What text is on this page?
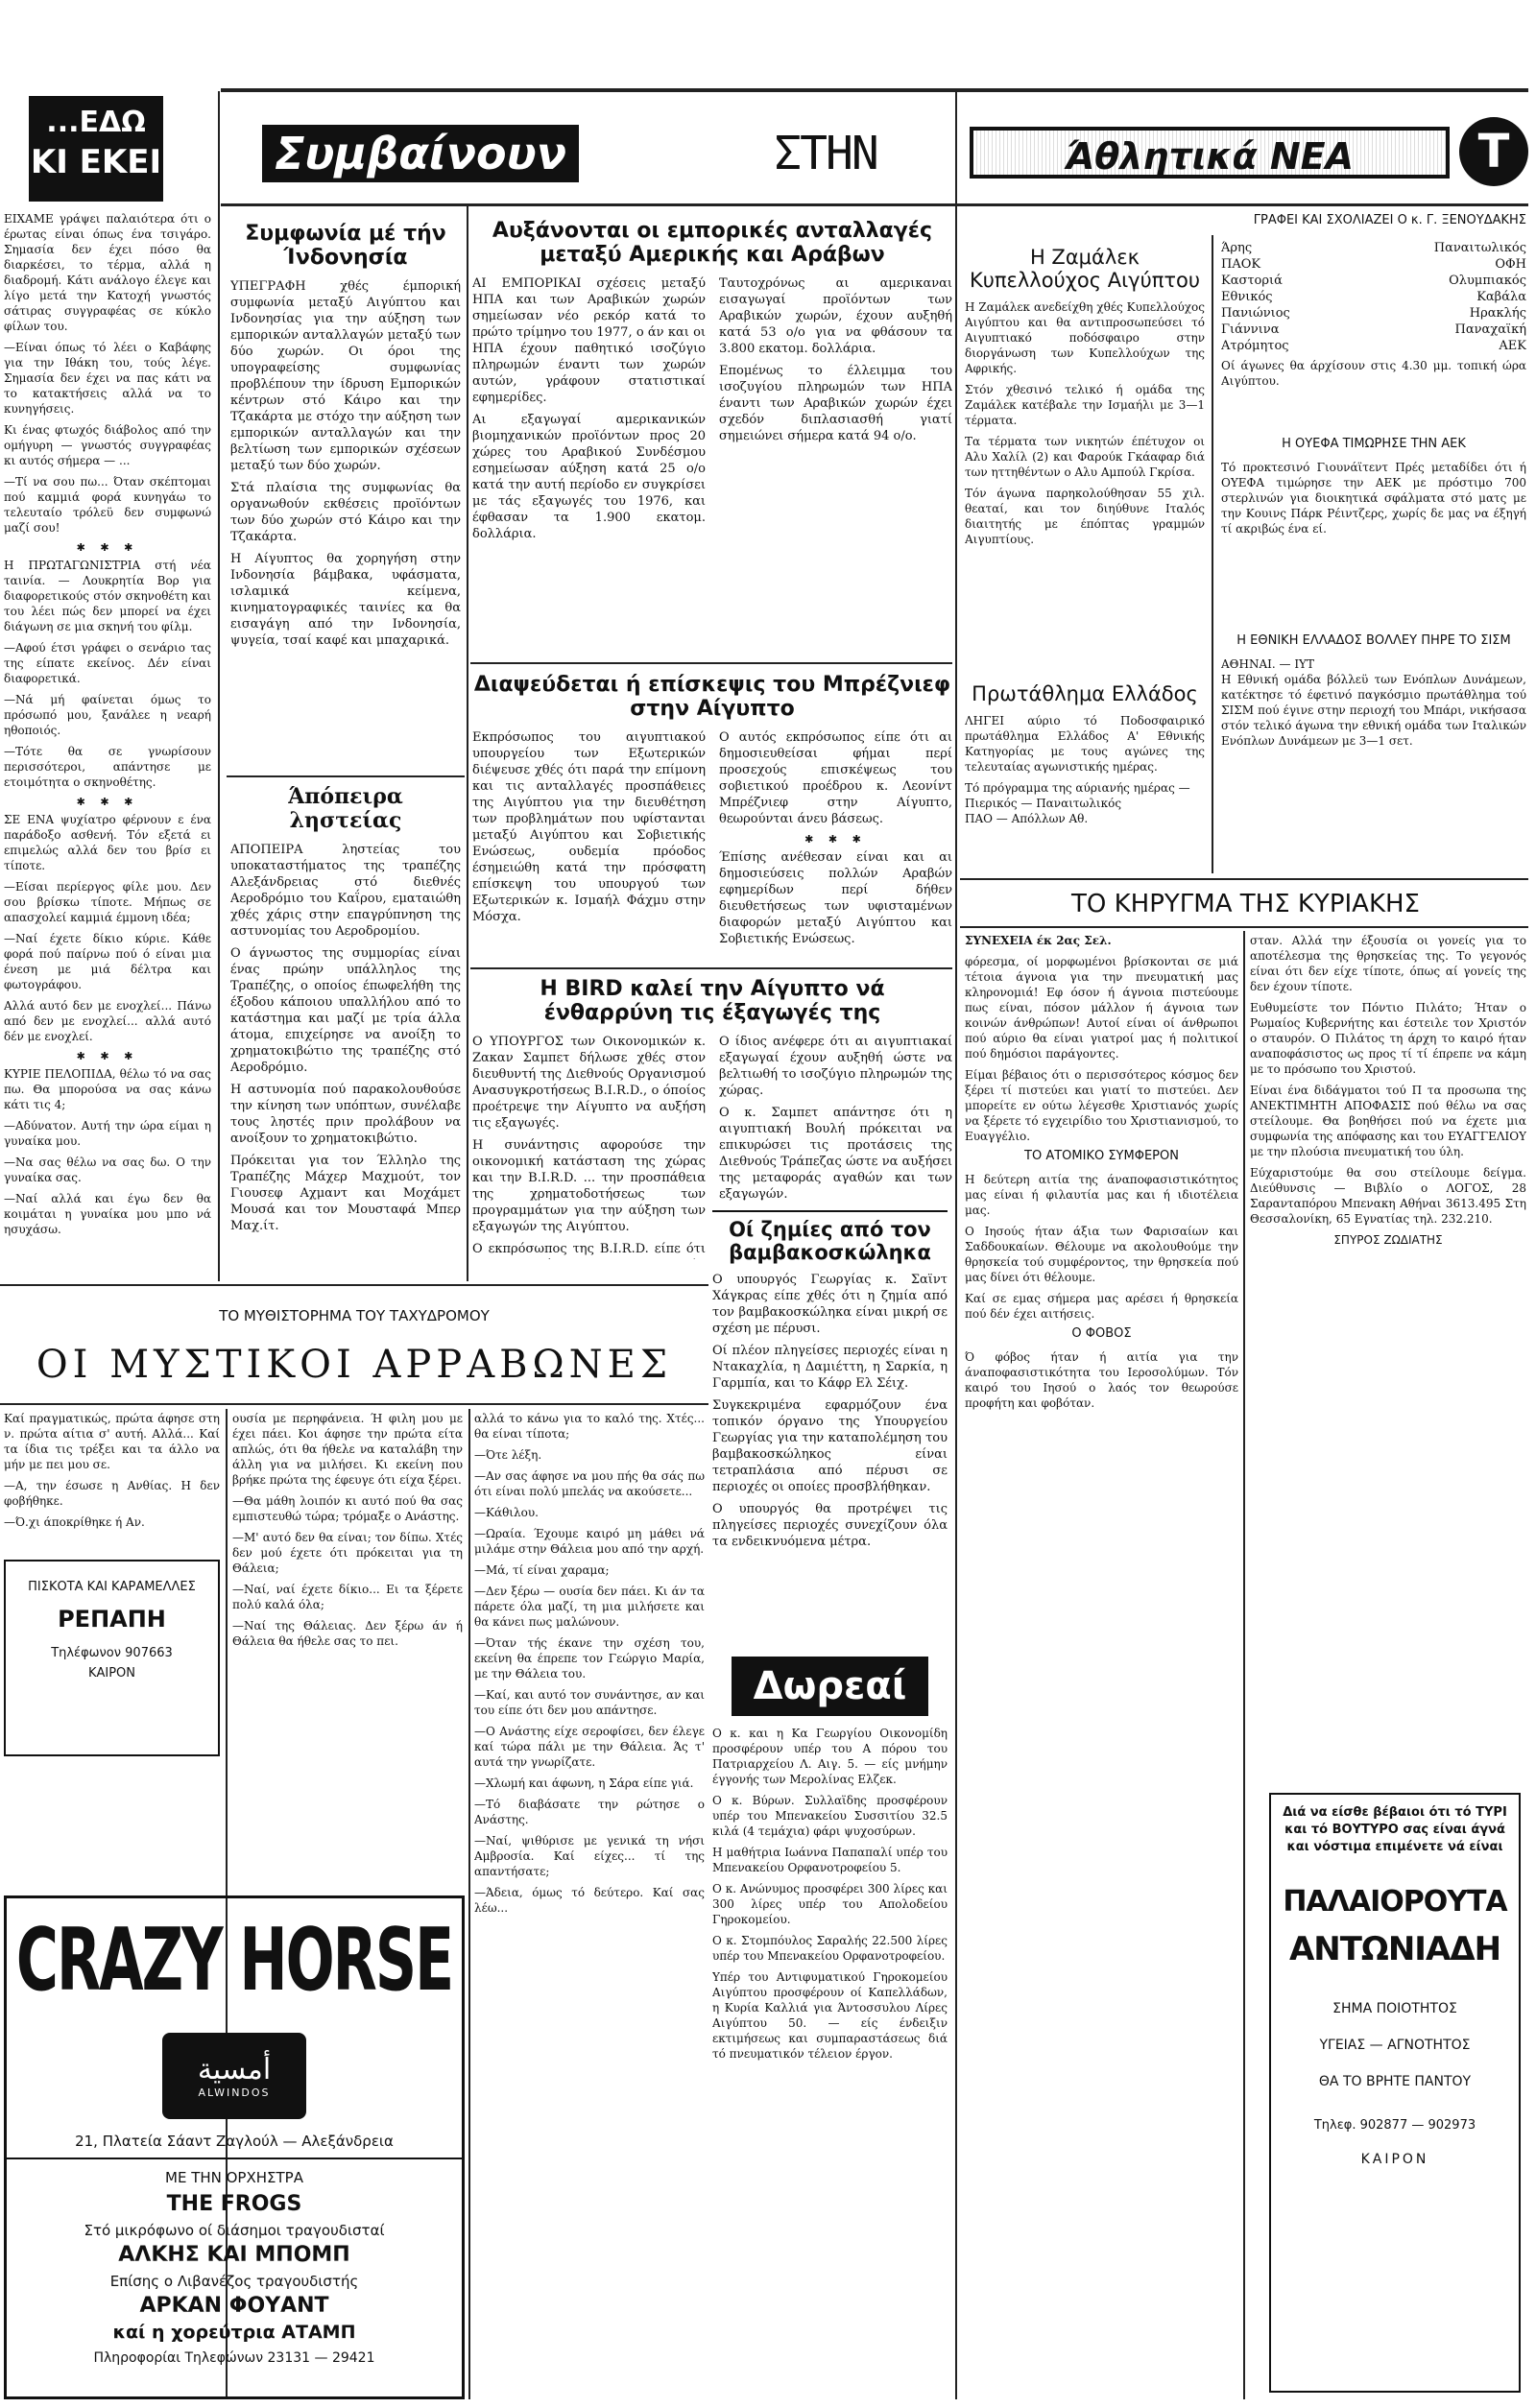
...ΕΔΩ
ΚΙ ΕΚΕΙ

ΕΙΧΑΜΕ γράψει παλαιότερα ότι ο έρωτας είναι όπως ένα τσιγάρο. Σημασία δεν έχει πόσο θα διαρκέσει, το τέρμα, αλλά η διαδρομή. Κάτι ανάλογο έλεγε και λίγο μετά την Κατοχή γνωστός σάτιρας συγγραφέας σε κύκλο φίλων του.

—Είναι όπως τό λέει ο Καβάφης για την Ιθάκη του, τούς λέγε. Σημασία δεν έχει να πας κάτι να το κατακτήσεις αλλά να το κυνηγήσεις.

Κι ένας φτωχός διάβολος από την ομήγυρη — γνωστός συγγραφέας κι αυτός σήμερα — ...

—Τί να σου πω... Όταν σκέπτομαι πού καμμιά φορά κυνηγάω το τελευταίο τρόλεϋ δεν συμφωνώ μαζί σου!

✱ ✱ ✱

Η ΠΡΩΤΑΓΩΝΙΣΤΡΙΑ στή νέα ταινία. — Λουκρητία Βορ για διαφορετικούς στόν σκηνοθέτη και του λέει πώς δεν μπορεί να έχει διάγωνη σε μια σκηνή του φίλμ.

—Αφού έτσι γράφει ο σενάριο τας της είπατε εκείνος. Δέν είναι διαφορετικά.

—Νά μή φαίνεται όμως το πρόσωπό μου, ξανάλεε η νεαρή ηθοποιός.

—Τότε θα σε γνωρίσουν περισσότεροι, απάντησε με ετοιμότητα ο σκηνοθέτης.

✱ ✱ ✱

ΣΕ ΕΝΑ ψυχίατρο φέρνουν ε ένα παράδοξο ασθενή. Τόν εξετά ει επιμελώς αλλά δεν του βρίσ ει τίποτε.

—Είσαι περίεργος φίλε μου. Δεν σου βρίσκω τίποτε. Μήπως σε απασχολεί καμμιά έμμονη ιδέα;

—Ναί έχετε δίκιο κύριε. Κάθε φορά πού παίρνω πού ό είναι μια ένεση με μιά δέλτρα και φωτογράφου.

Αλλά αυτό δεν με ενοχλεί... Πάνω από δεν με ενοχλεί... αλλά αυτό δέν με ενοχλεί.

✱ ✱ ✱

ΚΥΡΙΕ ΠΕΛΟΠΙΔΑ, θέλω τό να σας πω. Θα μπορούσα να σας κάνω κάτι τις 4;

—Αδύνατον. Αυτή την ώρα είμαι η γυναίκα μου.

—Να σας θέλω να σας δω. Ο την γυναίκα σας.

—Ναί αλλά και έγω δεν θα κοιμάται η γυναίκα μου μπο νά ησυχάσω.

Συμβαίνουν	ΣΤΗΝ
Συμφωνία μέ τήν Ίνδονησία

ΥΠΕΓΡΑΦΗ χθές έμπορική συμφωνία μεταξύ Αιγύπτου και Ινδονησίας για την αύξηση των εμπορικών ανταλλαγών μεταξύ των δύο χωρών. Οι όροι της υπογραφείσης συμφωνίας προβλέπουν την ίδρυση Εμπορικών κέντρων στό Κάιρο και την Τζακάρτα με στόχο την αύξηση των εμπορικών ανταλλαγών και την βελτίωση των εμπορικών σχέσεων μεταξύ των δύο χωρών.

Στά πλαίσια της συμφωνίας θα οργανωθούν εκθέσεις προϊόντων των δύο χωρών στό Κάιρο και την Τζακάρτα.

Η Αίγυπτος θα χορηγήση στην Ινδονησία βάμβακα, υφάσματα, ισλαμικά κείμενα, κινηματογραφικές ταινίες κα θα εισαγάγη από την Ινδονησία, ψυγεία, τσαί καφέ και μπαχαρικά.

Άπόπειρα ληστείας

ΑΠΟΠΕΙΡΑ ληστείας του υποκαταστήματος της τραπέζης Αλεξάνδρειας στό διεθνές Αεροδρόμιο του Καΐρου, εματαιώθη χθές χάρις στην επαγρύπνηση της αστυνομίας του Αεροδρομίου.

Ο άγνωστος της συμμορίας είναι ένας πρώην υπάλληλος της Τραπέζης, ο οποίος έπωφελήθη της έξοδου κάποιου υπαλλήλου από το κατάστημα και μαζί με τρία άλλα άτομα, επιχείρησε να ανοίξη το χρηματοκιβώτιο της τραπέζης στό Αεροδρόμιο.

Η αστυνομία πού παρακολουθούσε την κίνηση των υπόπτων, συνέλαβε τους ληστές πριν προλάβουν να ανοίξουν το χρηματοκιβώτιο.

Πρόκειται για τον Έλληλο της Τραπέζης Μάχερ Μαχμούτ, τον Γιουσεφ Αχμαντ και Μοχάμετ Μουσά και τον Μουσταφά Μπερ Μαχ.ίτ.

Αυξάνονται οι εμπορικές ανταλλαγές μεταξύ Αμερικής και Αράβων

ΑΙ ΕΜΠΟΡΙΚΑΙ σχέσεις μεταξύ ΗΠΑ και των Αραβικών χωρών σημείωσαν νέο ρεκόρ κατά το πρώτο τρίμηνο του 1977, ο άν και οι ΗΠΑ έχουν παθητικό ισοζύγιο πληρωμών έναντι των χωρών αυτών, γράφουν στατιστικαί εφημερίδες.

Αι εξαγωγαί αμερικανικών βιομηχανικών προϊόντων προς 20 χώρες του Αραβικού Συνδέσμου εσημείωσαν αύξηση κατά 25 ο/ο κατά την αυτή περίοδο εν συγκρίσει με τάς εξαγωγές του 1976, και έφθασαν τα 1.900 εκατομ. δολλάρια.

Ταυτοχρόνως αι αμερικαναι εισαγωγαί προϊόντων των Αραβικών χωρών, έχουν αυξηθή κατά 53 ο/ο για να φθάσουν τα 3.800 εκατομ. δολλάρια.

Επομένως το έλλειμμα του ισοζυγίου πληρωμών των ΗΠΑ έναντι των Αραβικών χωρών έχει σχεδόν διπλασιασθή γιατί σημειώνει σήμερα κατά 94 ο/ο.

Διαψεύδεται ή επίσκεψις του Μπρέζνιεφ στην Αίγυπτο

Εκπρόσωπος του αιγυπτιακού υπουργείου των Εξωτερικών διέψευσε χθές ότι παρά την επίμονη και τις ανταλλαγές προσπάθειες της Αιγύπτου για την διευθέτηση των προβλημάτων που υφίστανται μεταξύ Αιγύπτου και Σοβιετικής Ενώσεως, ουδεμία πρόοδος έσημειώθη κατά την πρόσφατη επίσκεψη του υπουργού των Εξωτερικών κ. Ισμαήλ Φάχμυ στην Μόσχα.

Ο αυτός εκπρόσωπος είπε ότι αι δημοσιευθείσαι φήμαι περί προσεχούς επισκέψεως του σοβιετικού προέδρου κ. Λεονίντ Μπρέζνιεφ στην Αίγυπτο, θεωρούνται άνευ βάσεως.

✱ ✱ ✱

Έπίσης ανέθεσαν είναι και αι δημοσιεύσεις πολλών Αραβών εφημερίδων περί δήθεν διευθετήσεως των υφισταμένων διαφορών μεταξύ Αιγύπτου και Σοβιετικής Ενώσεως.

Η BIRD καλεί την Αίγυπτο νά ένθαρρύνη τις έξαγωγές της

Ο ΥΠΟΥΡΓΟΣ των Οικονομικών κ. Ζακαν Σαμπετ δήλωσε χθές στον διευθυντή της Διεθνούς Οργανισμού Ανασυγκροτήσεως B.I.R.D., ο όποίος προέτρεψε την Αίγυπτο να αυξήση τις εξαγωγές.

Η συνάντησις αφορούσε την οικονομική κατάσταση της χώρας και την B.I.R.D. ... την προσπάθεια της χρηματοδοτήσεως των προγραμμάτων για την αύξηση των εξαγωγών της Αιγύπτου.

Ο εκπρόσωπος της B.I.R.D. είπε ότι

Ο ίδιος ανέφερε ότι αι αιγυπτιακαί εξαγωγαί έχουν αυξηθή ώστε να βελτιωθή το ισοζύγιο πληρωμών της χώρας.

Ο κ. Σαμπετ απάντησε ότι η αιγυπτιακή Βουλή πρόκειται να επικυρώσει τις προτάσεις της Διεθνούς Τράπεζας ώστε να αυξήσει της μεταφοράς αγαθών και των εξαγωγών.

Οί ζημίες από τον βαμβακοσκώληκα

Ο υπουργός Γεωργίας κ. Σαϊντ Χάγκρας είπε χθές ότι η ζημία από τον βαμβακοσκώληκα είναι μικρή σε σχέση με πέρυσι.

Οί πλέον πληγείσες περιοχές είναι η Ντακαχλία, η Δαμιέττη, η Σαρκία, η Γαρμπία, και το Κάφρ Ελ Σέιχ.

Συγκεκριμένα εφαρμόζουν ένα τοπικόν όργανο της Υπουργείου Γεωργίας για την καταπολέμηση του βαμβακοσκώληκος είναι τετραπλάσια από πέρυσι σε περιοχές οι οποίες προσβλήθηκαν.

Ο υπουργός θα προτρέψει τις πληγείσες περιοχές συνεχίζουν όλα τα ενδεικνυόμενα μέτρα.

Δωρεαί

Ο κ. και η Κα Γεωργίου Οικονομίδη προσφέρουν υπέρ του Α πόρου του Πατριαρχείου Λ. Αιγ. 5. — είς μνήμην έγγονής των Μερολίνας Ελζεκ.

Ο κ. Βύρων. Συλλαϊδης προσφέρουν υπέρ του Μπενακείου Συσσιτίου 32.5 κιλά (4 τεμάχια) φάρι ψυχοσύρων.

Η μαθήτρια Ιωάννα Παπαπαλί υπέρ του Μπενακείου Ορφανοτροφείου 5.

Ο κ. Ανώνυμος προσφέρει 300 λίρες και 300 λίρες υπέρ του Απολοδείου Γηροκομείου.

Ο κ. Στομπόυλος Σαραλής 22.500 λίρες υπέρ του Μπενακείου Ορφανοτροφείου.

Υπέρ του Αντιφυματικού Γηροκομείου Αιγύπτου προσφέρουν οί Καπελλάδων, η Κυρία Καλλιά για Άντοσσυλου Λίρες Αιγύπτου 50. — είς ένδειξιν εκτιμήσεως και συμπαραστάσεως διά τό πνευματικόν τέλειον έργον.

Άθλητικά ΝΕΑ	Τ
ΓΡΑΦΕΙ ΚΑΙ ΣΧΟΛΙΑΖΕΙ Ο κ. Γ. ΞΕΝΟΥΔΑΚΗΣ
Η Ζαμάλεκ Κυπελλούχος Αιγύπτου

Η Ζαμάλεκ ανεδείχθη χθές Κυπελλούχος Αιγύπτου και θα αντιπροσωπεύσει τό Αιγυπτιακό ποδόσφαιρο στην διοργάνωση των Κυπελλούχων της Αφρικής.

Στόν χθεσινό τελικό ή ομάδα της Ζαμάλεκ κατέβαλε την Ισμαήλι με 3—1 τέρματα.

Τα τέρματα των νικητών έπέτυχον οι Αλυ Χαλίλ (2) και Φαρούκ Γκάαφαρ διά των ηττηθέντων ο Αλυ Αμπούλ Γκρίσα.

Τόν άγωνα παρηκολούθησαν 55 χιλ. θεαταί, και τον διηύθυνε Ιταλός διαιτητής με έπόπτας γραμμών Αιγυπτίους.

Πρωτάθλημα Ελλάδος

ΛΗΓΕΙ αύριο τό Ποδοσφαιρικό πρωτάθλημα Ελλάδος Α' Εθνικής Κατηγορίας με τους αγώνες της τελευταίας αγωνιστικής ημέρας.

Τό πρόγραμμα της αύριανής ημέρας —

Πιερικός — Παναιτωλικός

ΠΑΟ — Απόλλων Αθ.

Άρης	Παναιτωλικός
ΠΑΟΚ	ΟΦΗ
Καστοριά	Ολυμπιακός
Εθνικός	Καβάλα
Πανιώνιος	Ηρακλής
Γιάννινα	Παναχαϊκή
Ατρόμητος	ΑΕΚ

Οί άγωνες θα άρχίσουν στις 4.30 μμ. τοπική ώρα Αιγύπτου.

Η ΟΥΕΦΑ ΤΙΜΩΡΗΣΕ ΤΗΝ ΑΕΚ

Τό προκτεσινό Γιουνάϊτεντ Πρές μεταδίδει ότι ή ΟΥΕΦΑ τιμώρησε την ΑΕΚ με πρόστιμο 700 στερλινών για διοικητικά σφάλματα στό ματς με την Κουινς Πάρκ Ρέιντζερς, χωρίς δε μας να έξηγή τί ακριβώς ένα εί.

Η ΕΘΝΙΚΗ ΕΛΛΑΔΟΣ ΒΟΛΛΕΥ ΠΗΡΕ ΤΟ ΣΙΣΜ

ΑΘΗΝΑΙ. — ΙΥΤ

Η Εθνική ομάδα βόλλεϋ των Ενόπλων Δυνάμεων, κατέκτησε τό έφετινό παγκόσμιο πρωτάθλημα τού ΣΙΣΜ πού έγινε στην περιοχή του Μπάρι, νικήσασα στόν τελικό άγωνα την εθνική ομάδα των Ιταλικών Ενόπλων Δυνάμεων με 3—1 σετ.

ΤΟ ΚΗΡΥΓΜΑ ΤΗΣ ΚΥΡΙΑΚΗΣ

ΣΥΝΕΧΕΙΑ έκ 2ας Σελ.

φόρεσμα, οί μορφωμένοι βρίσκονται σε μιά τέτοια άγνοια για την πνευματική μας κληρονομιά! Εφ όσον ή άγνοια πιστεύουμε πως είναι, πόσον μάλλον ή άγνοια των κοινών άνθρώπων! Αυτοί είναι οί άνθρωποι πού αύριο θα είναι γιατροί μας ή πολιτικοί πού δημόσιοι παράγοντες.

Είμαι βέβαιος ότι ο περισσότερος κόσμος δεν ξέρει τί πιστεύει και γιατί το πιστεύει. Δεν μπορείτε εν ούτω λέγεσθε Χριστιανός χωρίς να ξέρετε τό εγχειρίδιο του Χριστιανισμού, το Ευαγγέλιο.

ΤΟ ΑΤΟΜΙΚΟ ΣΥΜΦΕΡΟΝ

Η δεύτερη αιτία της άναποφασιστικότητος μας είναι ή φιλαυτία μας και ή ιδιοτέλεια μας.

Ο Ιησούς ήταν άξια των Φαρισαίων και Σαδδουκαίων. Θέλουμε να ακολουθούμε την θρησκεία τού συμφέροντος, την θρησκεία πού μας δίνει ότι θέλουμε.

Καί σε εμας σήμερα μας αρέσει ή θρησκεία πού δέν έχει αιτήσεις.

Ο ΦΟΒΟΣ

Ό φόβος ήταν ή αιτία για την άναποφασιστικότητα του Ιεροσολύμων. Τόν καιρό του Ιησού ο λαός τον θεωρούσε προφήτη και φοβόταν.

σταν. Αλλά την έξουσία οι γονείς για το αποτέλεσμα της θρησκείας της. Το γεγονός είναι ότι δεν είχε τίποτε, όπως αί γονείς της δεν έχουν τίποτε.

Ευθυμείστε τον Πόντιο Πιλάτο; Ήταν ο Ρωμαίος Κυβερνήτης και έστειλε τον Χριστόν ο σταυρόν. Ο Πιλάτος τη άρχη το καιρό ήταν αναποφάσιστος ως προς τί τί έπρεπε να κάμη με το πρόσωπο του Χριστού.

Είναι ένα διδάγματοι τού Π τα προσωπα της ΑΝΕΚΤΙΜΗΤΗ ΑΠΟΦΑΣΙΣ πού θέλω να σας στείλουμε. Θα βοηθήσει πού να έχετε μια συμφωνία της απόφασης και του ΕΥΑΓΓΕΛΙΟΥ με την πλούσια πνευματική του ύλη.

Εύχαριστούμε θα σου στείλουμε δείγμα. Διεύθυνσις — Βιβλίο ο ΛΟΓΟΣ, 28 Σαρανταπόρου Μπενακη Αθήναι 3613.495 Στη Θεσσαλονίκη, 65 Εγνατίας τηλ. 232.210.

ΣΠΥΡΟΣ ΖΩΔΙΑΤΗΣ

Διά να είσθε βέβαιοι ότι τό ΤΥΡΙ και τό ΒΟΥΤΥΡΟ σας είναι άγνά και νόστιμα επιμένετε νά είναι
ΠΑΛΑΙΟΡΟΥΤΑ
ΑΝΤΩΝΙΑΔΗ
ΣΗΜΑ ΠΟΙΟΤΗΤΟΣ
ΥΓΕΙΑΣ — ΑΓΝΟΤΗΤΟΣ
ΘΑ ΤΟ ΒΡΗΤΕ ΠΑΝΤΟΥ
Τηλεφ. 902877 — 902973
ΚΑΙΡΟΝ
ΤΟ ΜΥΘΙΣΤΟΡΗΜΑ ΤΟΥ ΤΑΧΥΔΡΟΜΟΥ
ΟΙ ΜΥΣΤΙΚΟΙ ΑΡΡΑΒΩΝΕΣ

Καί πραγματικώς, πρώτα άφησε στη ν. πρώτα αίτια σ' αυτή. Αλλά... Καί τα ίδια τις τρέξει και τα άλλο να μήν με πει μου σε.

—Α, την έσωσε η Ανθίας. Η δεν φοβήθηκε.

—Ό.χι άποκρίθηκε ή Αν.

ουσία με περηφάνεια. Ή φιλη μου με έχει πάει. Κοι άφησε την πρώτα είτα απλώς, ότι θα ήθελε να καταλάβη την άλλη για να μιλήσει. Κι εκείνη που βρήκε πρώτα της έφευγε ότι είχα ξέρει.

—Θα μάθη λοιπόν κι αυτό πού θα σας εμπιστευθώ τώρα; τρόμαξε ο Ανάστης.

—Μ' αυτό δεν θα είναι; τον δίπω. Χτές δεν μού έχετε ότι πρόκειται για τη Θάλεια;

—Ναί, ναί έχετε δίκιο... Ει τα ξέρετε πολύ καλά όλα;

—Ναί της Θάλειας. Δεν ξέρω άν ή Θάλεια θα ήθελε σας το πει.

αλλά το κάνω για το καλό της. Χτές... θα είναι τίποτα;

—Ότε λέξη.

—Αν σας άφησε να μου πής θα σάς πω ότι είναι πολύ μπελάς να ακούσετε...

—Κάθιλου.

—Ωραία. Έχουμε καιρό μη μάθει νά μιλάμε στην Θάλεια μου από την αρχή.

—Μά, τί είναι χαραμα;

—Δεν ξέρω — ουσία δεν πάει. Κι άν τα πάρετε όλα μαζί, τη μια μιλήσετε και θα κάνει πως μαλώνουν.

—Όταν τής έκανε την σχέση του, εκείνη θα έπρεπε τον Γεώργιο Μαρία, με την Θάλεια του.

—Καί, και αυτό τον συνάντησε, αν και του είπε ότι δεν μου απάντησε.

—Ο Ανάστης είχε σεροφίσει, δεν έλεγε καί τώρα πάλι με την Θάλεια. Άς τ' αυτά την γνωρίζατε.

—Χλωμή και άφωνη, η Σάρα είπε γιά.

—Τό διαβάσατε την ρώτησε ο Ανάστης.

—Ναί, ψιθύρισε με γενικά τη νήσι Αμβροσία. Καί είχες... τί της απαντήσατε;

—Άδεια, όμως τό δεύτερο. Καί σας λέω...

ΠΙΣΚΟΤΑ ΚΑΙ ΚΑΡΑΜΕΛΛΕΣ
ΡΕΠΑΠΗ
Τηλέφωνον 907663
ΚΑΙΡΟΝ
CRAZY HORSE
أمسية
ALWINDOS
21, Πλατεία Σάαντ Ζαγλούλ — Αλεξάνδρεια
ΜΕ ΤΗΝ ΟΡΧΗΣΤΡΑ
THE FROGS
Στό μικρόφωνο οί διάσημοι τραγουδισταί
ΑΛΚΗΣ ΚΑΙ ΜΠΟΜΠ
Επίσης ο Λιβανέζος τραγουδιστής
ΑΡΚΑΝ ΦΟΥΑΝΤ
καί η χορεύτρια ΑΤΑΜΠ
Πληροφορίαι Τηλεφώνων 23131 — 29421
